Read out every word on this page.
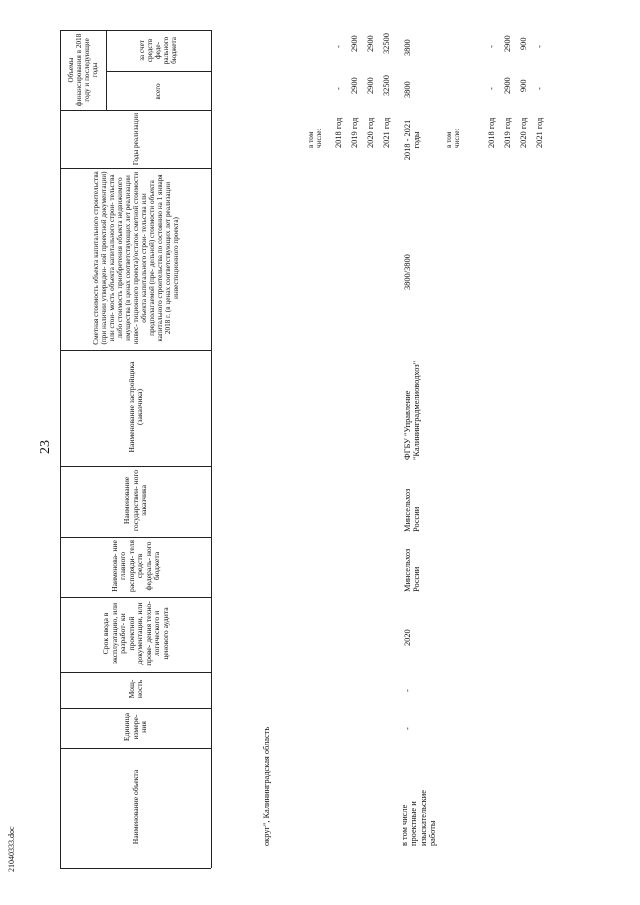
23
21040333.doc
Объемы финансирования в 2018 году и последующие годы
всего
за счет средств феде- рального бюджета
Годы реализации
Сметная стоимость объекта капитального строительства (при наличии утвержден- ной проектной документации) или стои- мость объекта капитального строи- тельства либо стоимость приобретения объекта недвижимого имущества (в ценах соответствующих лет реализации инвес- тиционного проекта)/остаток сметной стоимости объекта капитального строи- тельства или предполагаемой (пре- дельной) стоимости объекта капитального строительства по состоянию на 1 января 2018 г. (в ценах соответствующих лет реализации инвестиционного проекта)
Наименование застройщика (заказчика)
Наименование государствен- ного заказчика
Наименова- ние главного распоряди- теля средств федераль- ного бюджета
Срок ввода в эксплуатацию, или разработ- ки проектной документации, или прове- дения техно- логического и ценового аудита
Мощ- ность
Единица измере- ния
Наименование объекта	округ", Калининградская область
в том числе: 2018 год 2019 год 2020 год 2021 год
- 2900 2900 32500
- 2900 2900 32500
в том числе проектные и изыскательские работы
-
-
2020
Минсельхоз России
Минсельхоз России
ФГБУ "Управление "Калининградмелиоводхоз"
3800/3800
2018 - 2021 годы
3800
3800
в том числе:	2018 год 2019 год 2020 год 2021 год
- 2900 900 -
- 2900 900 -
